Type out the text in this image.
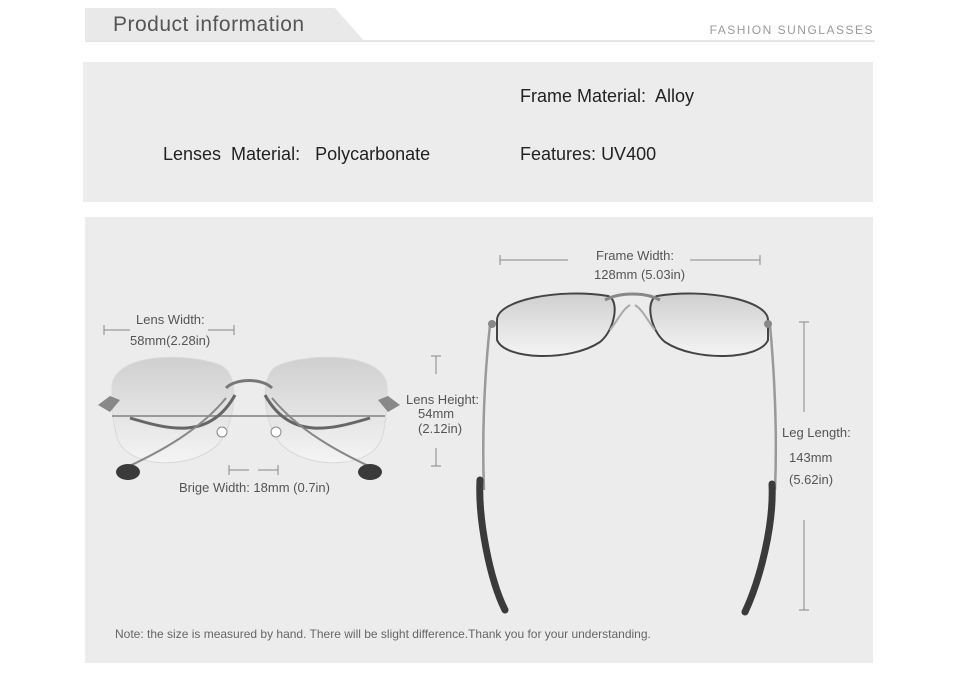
Product information	FASHION SUNGLASSES
Frame Material: Alloy
Lenses  Material: Polycarbonate	Features: UV400
Lens Width:
58mm(2.28in)
Lens Height:
54mm
(2.12in)
Brige Width: 18mm (0.7in)
Frame Width:
128mm (5.03in)
Leg Length:
143mm
(5.62in)
Note: the size is measured by hand. There will be slight difference.Thank you for your understanding.
